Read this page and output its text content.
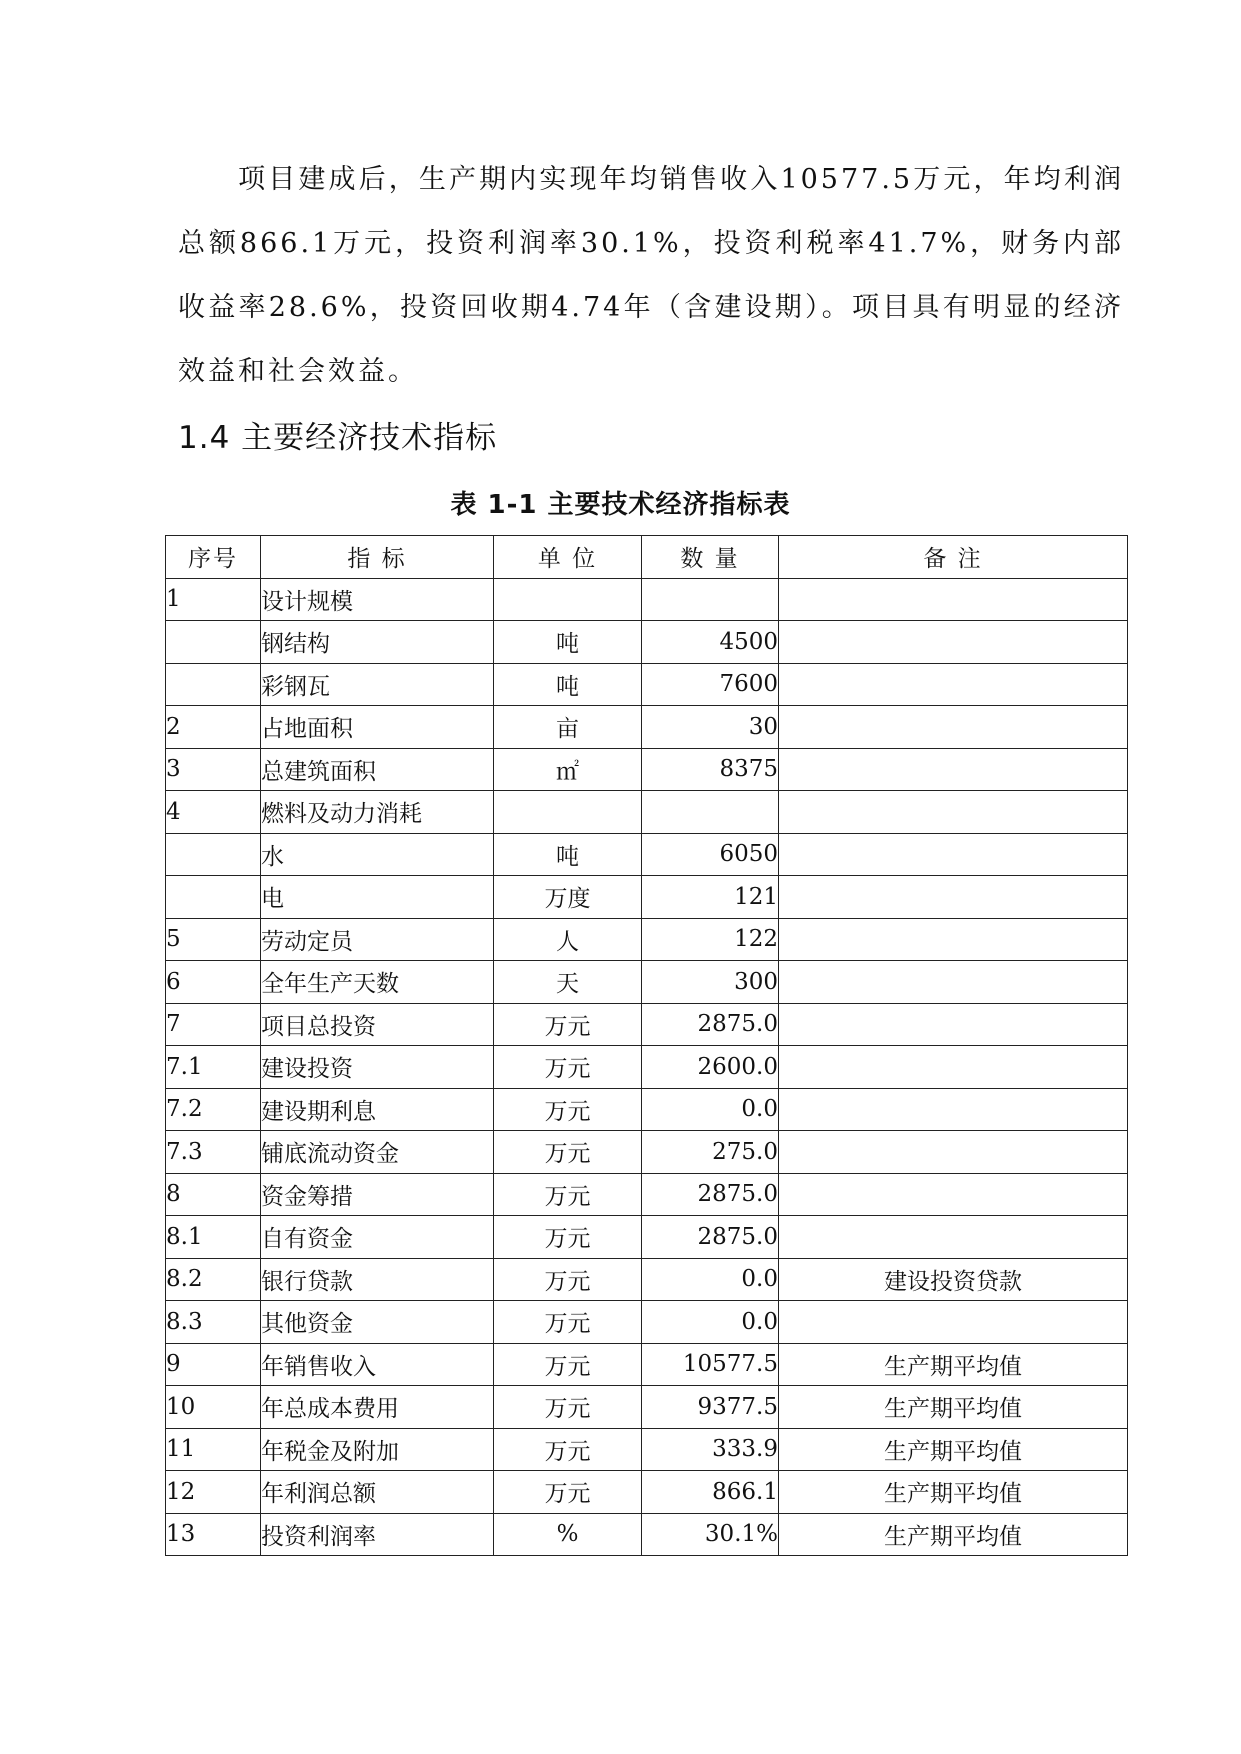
项目建成后，生产期内实现年均销售收入10577.5万元，年均利润总额866.1万元，投资利润率30.1%，投资利税率41.7%，财务内部收益率28.6%，投资回收期4.74年（含建设期）。项目具有明显的经济效益和社会效益。

1.4 主要经济技术指标

表 1-1 主要技术经济指标表

序号	指 标	单 位	数 量	备 注
1	设计规模			
	钢结构	吨	4500	
	彩钢瓦	吨	7600	
2	占地面积	亩	30	
3	总建筑面积	㎡	8375	
4	燃料及动力消耗			
	水	吨	6050	
	电	万度	121	
5	劳动定员	人	122	
6	全年生产天数	天	300	
7	项目总投资	万元	2875.0	
7.1	建设投资	万元	2600.0	
7.2	建设期利息	万元	0.0	
7.3	铺底流动资金	万元	275.0	
8	资金筹措	万元	2875.0	
8.1	自有资金	万元	2875.0	
8.2	银行贷款	万元	0.0	建设投资贷款
8.3	其他资金	万元	0.0	
9	年销售收入	万元	10577.5	生产期平均值
10	年总成本费用	万元	9377.5	生产期平均值
11	年税金及附加	万元	333.9	生产期平均值
12	年利润总额	万元	866.1	生产期平均值
13	投资利润率	%	30.1%	生产期平均值
